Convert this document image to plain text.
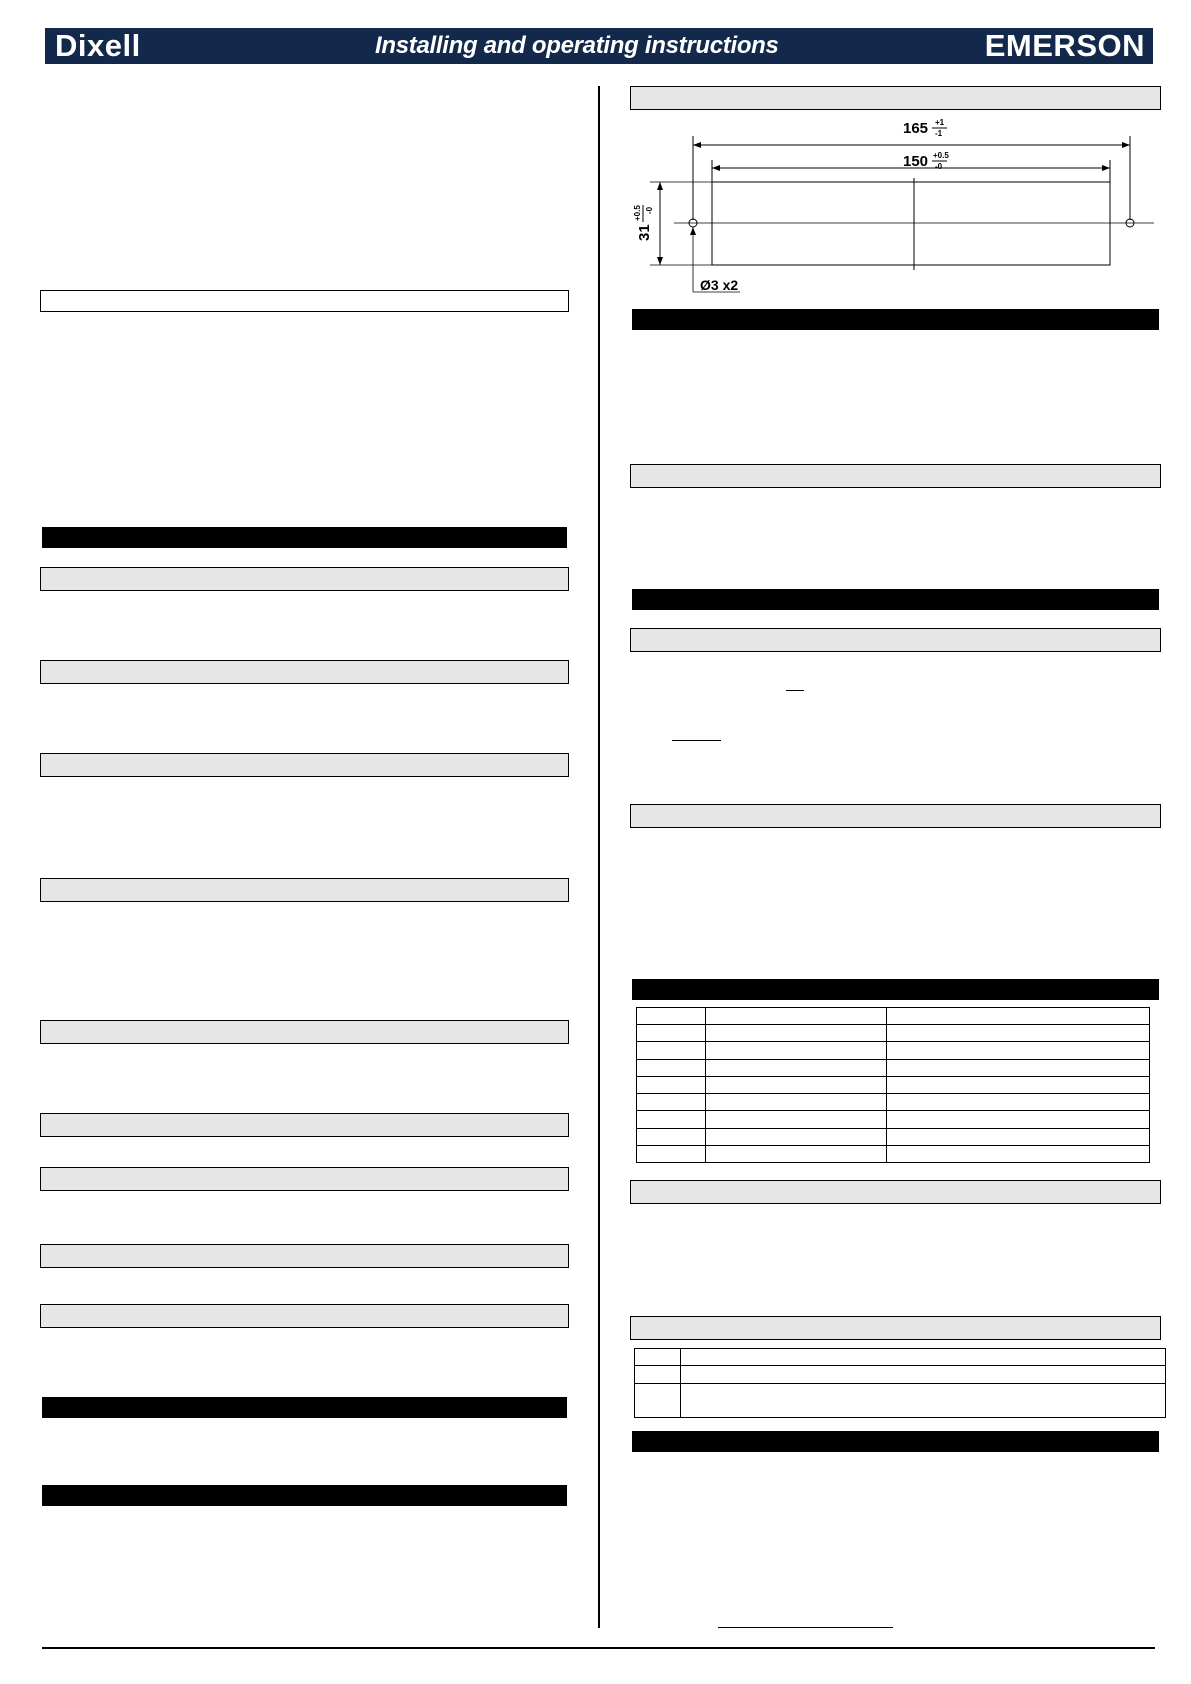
Dixell	Installing and operating instructions	EMERSON
165 +1
-1
150 +0.5
-0
31
+0.5 -0
Ø3 x2
